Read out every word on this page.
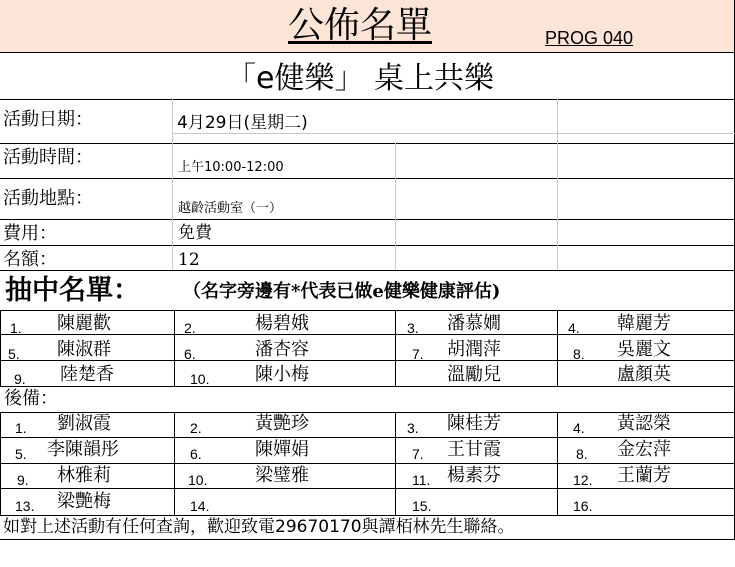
公佈名單	PROG 040
「e健樂」 桌上共樂
活動日期：	4月29日(星期二)
活動時間：	上午10:00-12:00
活動地點：	越齡活動室（一）
費用：	免費
名額：	12
抽中名單： （名字旁邊有*代表已做e健樂健康評估)
1. 陳麗歡	2.	楊碧娥	3. 潘慕嫺	4. 韓麗芳
5. 陳淑群	6.	潘杏容	7. 胡潤萍	8. 吳麗文
9. 陸楚香	10.	陳小梅	溫勵兒	盧顏英
後備：
1. 劉淑霞	2.	黃艷珍	3. 陳桂芳	4. 黃認榮
5. 李陳韻彤	6.	陳嬋娟	7. 王甘霞	8. 金宏萍
9. 林雅莉	10.	梁璧雅	11. 楊素芬	12. 王蘭芳
13. 梁艷梅	14.	15.	16.
如對上述活動有任何查詢，歡迎致電29670170與譚栢林先生聯絡。
